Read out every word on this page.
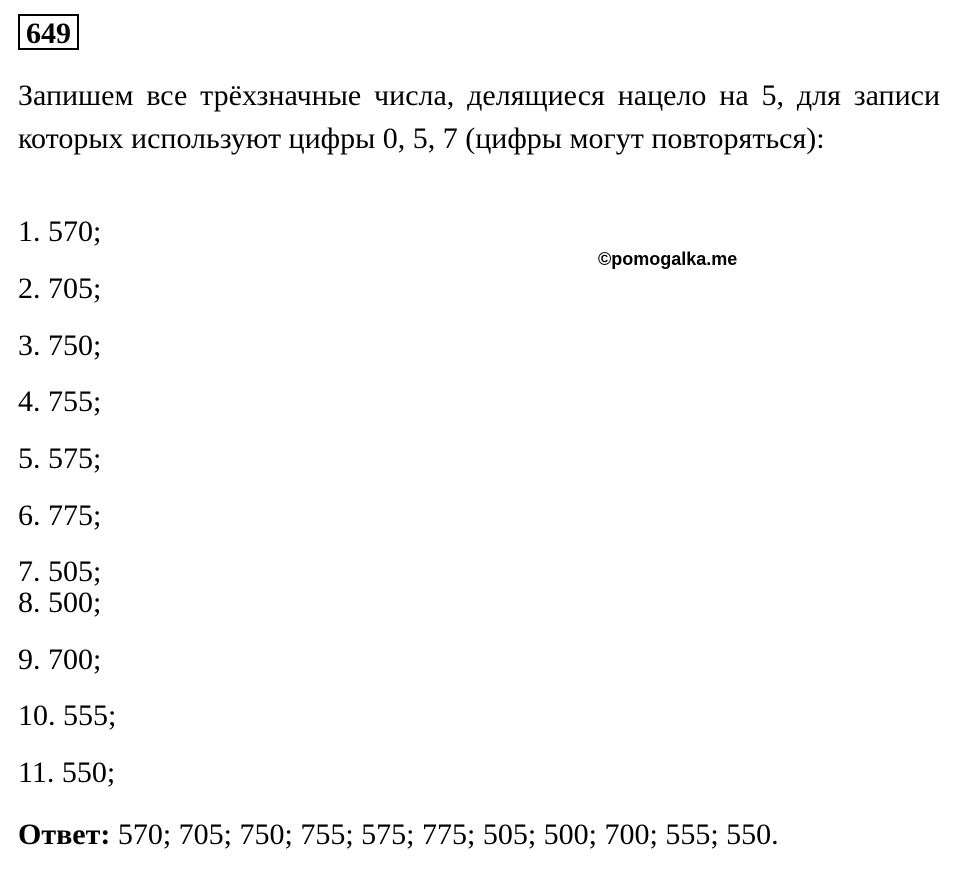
649

Запишем все трёхзначные числа, делящиеся нацело на 5, для записи которых используют цифры 0, 5, 7 (цифры могут повторяться):

©pomogalka.me
1. 570;
2. 705;
3. 750;
4. 755;
5. 575;
6. 775;
7. 505;
8. 500;
9. 700;
10. 555;
11. 550;
Ответ: 570; 705; 750; 755; 575; 775; 505; 500; 700; 555; 550.
